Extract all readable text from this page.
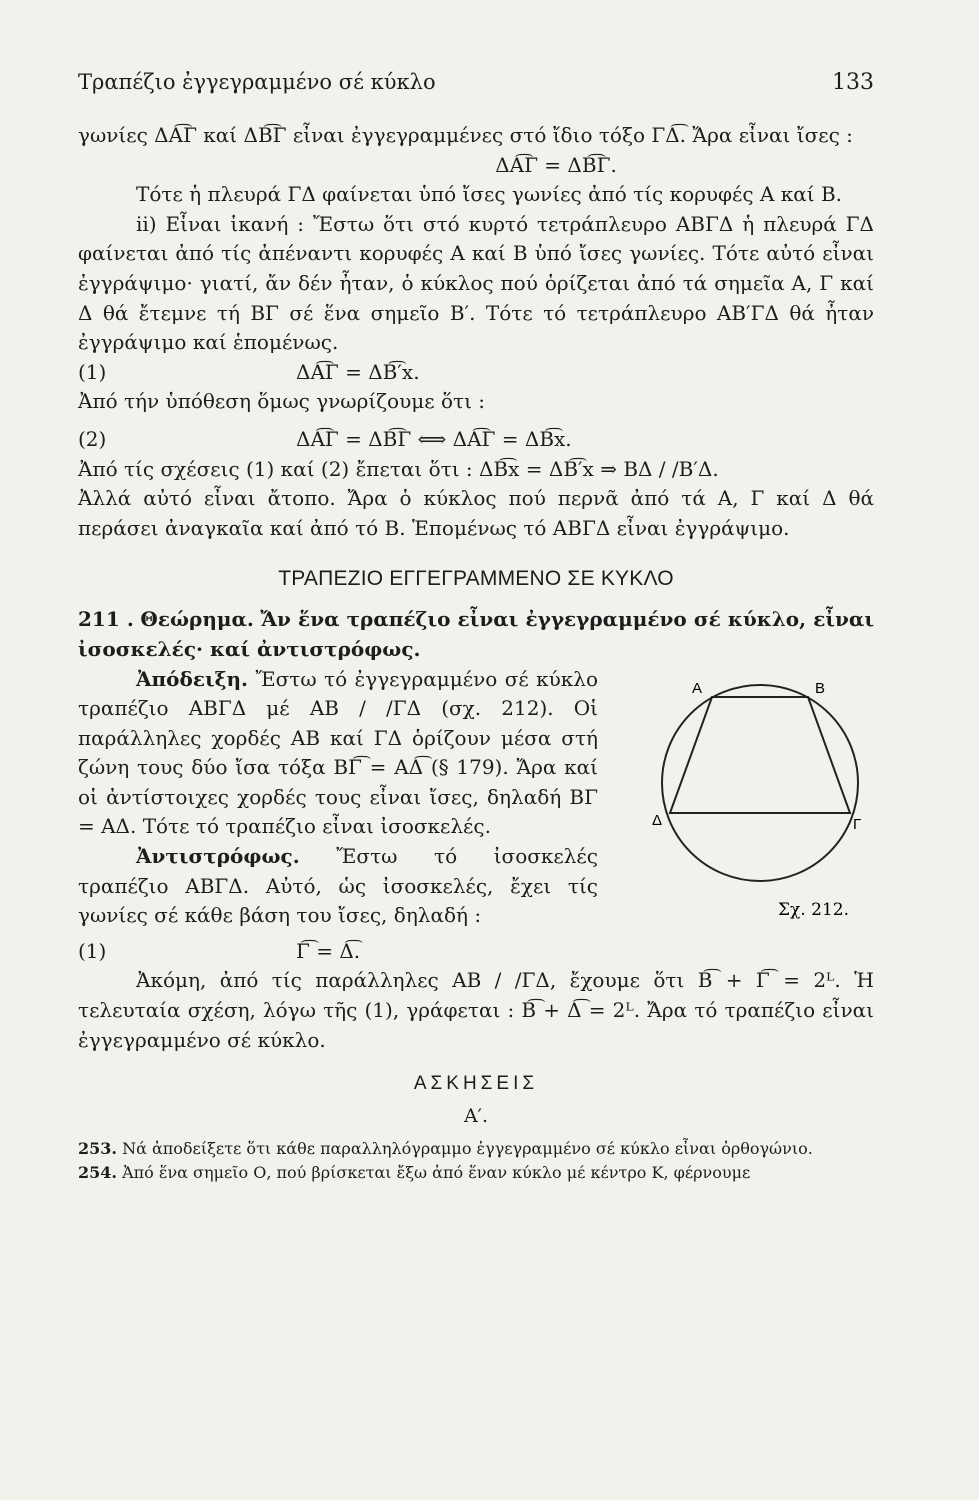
Τραπέζιο ἐγγεγραμμένο σέ κύκλο	133

γωνίες ΔΑ͡Γ καί ΔΒ͡Γ εἶναι ἐγγεγραμμένες στό ἴδιο τόξο ΓΔ͡. Ἄρα εἶναι ἴσες :

ΔΑ͡Γ = ΔΒ͡Γ.

Τότε ἡ πλευρά ΓΔ φαίνεται ὑπό ἴσες γωνίες ἀπό τίς κορυφές Α καί Β.

ii) Εἶναι ἱκανή : Ἔστω ὅτι στό κυρτό τετράπλευρο ΑΒΓΔ ἡ πλευρά ΓΔ φαίνεται ἀπό τίς ἀπέναντι κορυφές Α καί Β ὑπό ἴσες γωνίες. Τότε αὐτό εἶναι ἐγγράψιμο· γιατί, ἄν δέν ἦταν, ὁ κύκλος πού ὁρίζεται ἀπό τά σημεῖα Α, Γ καί Δ θά ἔτεμνε τή ΒΓ σέ ἕνα σημεῖο Β′. Τότε τό τετράπλευρο ΑΒ′ΓΔ θά ἦταν ἐγγράψιμο καί ἑπομένως.

(1)	ΔΑ͡Γ = ΔΒ͡′x.

Ἀπό τήν ὑπόθεση ὅμως γνωρίζουμε ὅτι :

(2)	ΔΑ͡Γ = ΔΒ͡Γ ⟺ ΔΑ͡Γ = ΔΒ͡x.

Ἀπό τίς σχέσεις (1) καί (2) ἔπεται ὅτι : ΔΒ͡x = ΔΒ͡′x ⇒ ΒΔ / /Β′Δ.

Ἀλλά αὐτό εἶναι ἄτοπο. Ἄρα ὁ κύκλος πού περνᾶ ἀπό τά Α, Γ καί Δ θά περάσει ἀναγκαῖα καί ἀπό τό Β. Ἑπομένως τό ΑΒΓΔ εἶναι ἐγγράψιμο.

ΤΡΑΠΕΖΙΟ ΕΓΓΕΓΡΑΜΜΕΝΟ ΣΕ ΚΥΚΛΟ

211 . Θεώρημα. Ἄν ἕνα τραπέζιο εἶναι ἐγγεγραμμένο σέ κύκλο, εἶναι ἰσοσκελές· καί ἀντιστρόφως.

A	B
Γ
Δ
Σχ. 212.

Ἀπόδειξη. Ἔστω τό ἐγγεγραμμένο σέ κύκλο τραπέζιο ΑΒΓΔ μέ ΑΒ / /ΓΔ (σχ. 212). Οἱ παράλληλες χορδές ΑΒ καί ΓΔ ὁρίζουν μέσα στή ζώνη τους δύο ἴσα τόξα ΒΓ͡ = ΑΔ͡ (§ 179). Ἄρα καί οἱ ἀντίστοιχες χορδές τους εἶναι ἴσες, δηλαδή ΒΓ = ΑΔ. Τότε τό τραπέζιο εἶναι ἰσοσκελές.

Ἀντιστρόφως. Ἔστω τό ἰσοσκελές τραπέζιο ΑΒΓΔ. Αὐτό, ὡς ἰσοσκελές, ἔχει τίς γωνίες σέ κάθε βάση του ἴσες, δηλαδή :

(1)	Γ͡ = Δ͡.

Ἀκόμη, ἀπό τίς παράλληλες ΑΒ / /ΓΔ, ἔχουμε ὅτι Β͡ + Γ͡ = 2ᴸ. Ἡ τελευταία σχέση, λόγω τῆς (1), γράφεται : Β͡ + Δ͡ = 2ᴸ. Ἄρα τό τραπέζιο εἶναι ἐγγεγραμμένο σέ κύκλο.

ΑΣΚΗΣΕΙΣ
Α′.

253. Νά ἀποδείξετε ὅτι κάθε παραλληλόγραμμο ἐγγεγραμμένο σέ κύκλο εἶναι ὀρθογώνιο.

254. Ἀπό ἕνα σημεῖο Ο, πού βρίσκεται ἔξω ἀπό ἕναν κύκλο μέ κέντρο Κ, φέρνουμε
